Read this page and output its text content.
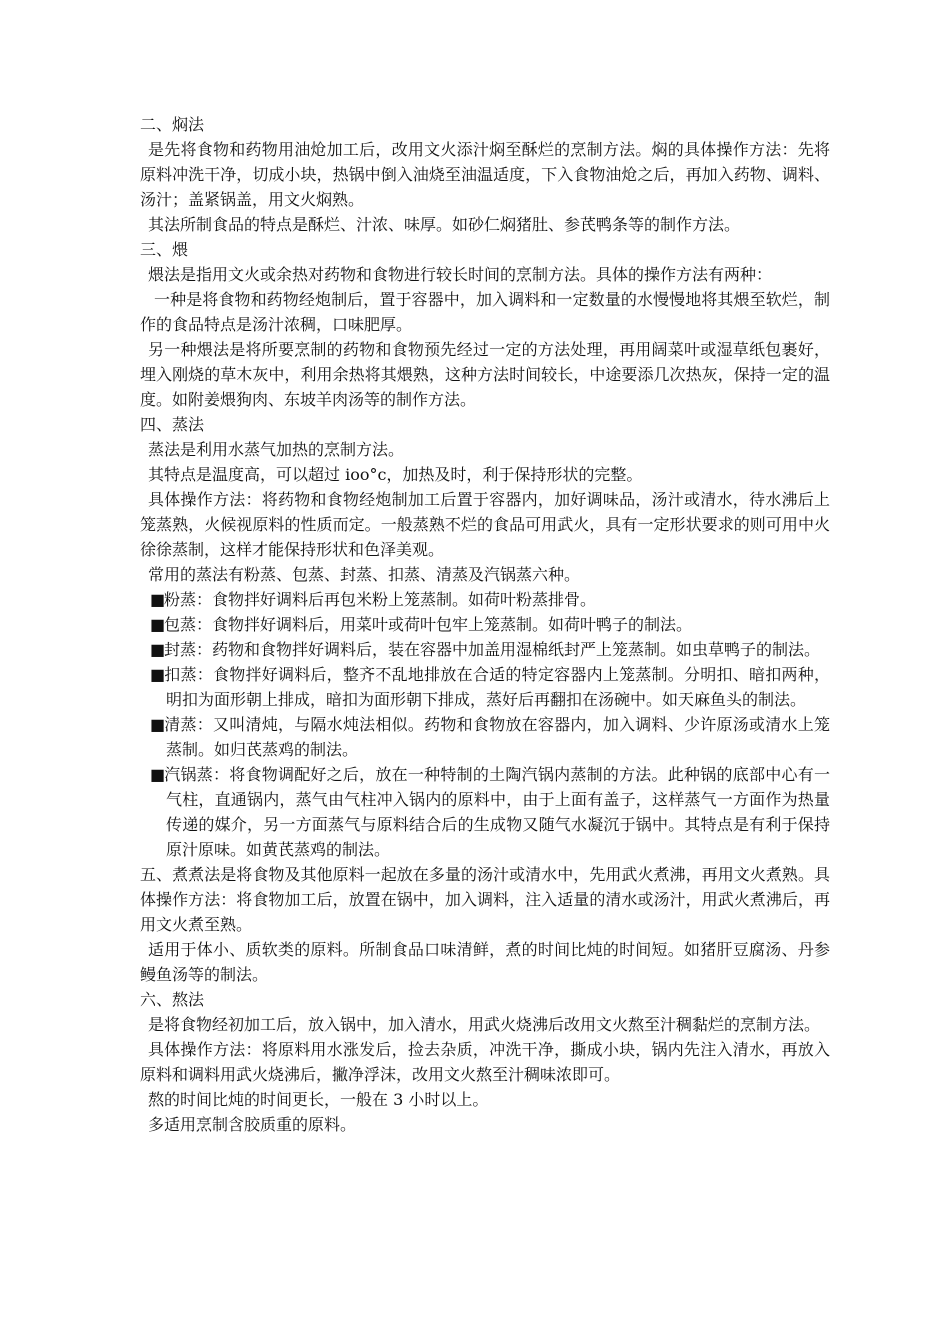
二、焖法

是先将食物和药物用油炝加工后，改用文火添汁焖至酥烂的烹制方法。焖的具体操作方法：先将原料冲洗干净，切成小块，热锅中倒入油烧至油温适度，下入食物油炝之后，再加入药物、调料、汤汁；盖紧锅盖，用文火焖熟。

其法所制食品的特点是酥烂、汁浓、味厚。如砂仁焖猪肚、参芪鸭条等的制作方法。

三、煨

煨法是指用文火或余热对药物和食物进行较长时间的烹制方法。具体的操作方法有两种：

一种是将食物和药物经炮制后，置于容器中，加入调料和一定数量的水慢慢地将其煨至软烂，制作的食品特点是汤汁浓稠，口味肥厚。

另一种煨法是将所要烹制的药物和食物预先经过一定的方法处理，再用阔菜叶或湿草纸包裹好，埋入刚烧的草木灰中，利用余热将其煨熟，这种方法时间较长，中途要添几次热灰，保持一定的温度。如附姜煨狗肉、东坡羊肉汤等的制作方法。

四、蒸法

蒸法是利用水蒸气加热的烹制方法。

其特点是温度高，可以超过 ioo°c，加热及时，利于保持形状的完整。

具体操作方法：将药物和食物经炮制加工后置于容器内，加好调味品，汤汁或清水，待水沸后上笼蒸熟，火候视原料的性质而定。一般蒸熟不烂的食品可用武火，具有一定形状要求的则可用中火徐徐蒸制，这样才能保持形状和色泽美观。

常用的蒸法有粉蒸、包蒸、封蒸、扣蒸、清蒸及汽锅蒸六种。

■粉蒸：食物拌好调料后再包米粉上笼蒸制。如荷叶粉蒸排骨。

■包蒸：食物拌好调料后，用菜叶或荷叶包牢上笼蒸制。如荷叶鸭子的制法。

■封蒸：药物和食物拌好调料后，装在容器中加盖用湿棉纸封严上笼蒸制。如虫草鸭子的制法。

■扣蒸：食物拌好调料后，整齐不乱地排放在合适的特定容器内上笼蒸制。分明扣、暗扣两种，明扣为面形朝上排成，暗扣为面形朝下排成，蒸好后再翻扣在汤碗中。如天麻鱼头的制法。

■清蒸：又叫清炖，与隔水炖法相似。药物和食物放在容器内，加入调料、少许原汤或清水上笼蒸制。如归芪蒸鸡的制法。

■汽锅蒸：将食物调配好之后，放在一种特制的土陶汽锅内蒸制的方法。此种锅的底部中心有一气柱，直通锅内，蒸气由气柱冲入锅内的原料中，由于上面有盖子，这样蒸气一方面作为热量传递的媒介，另一方面蒸气与原料结合后的生成物又随气水凝沉于锅中。其特点是有利于保持原汁原味。如黄芪蒸鸡的制法。

五、煮煮法是将食物及其他原料一起放在多量的汤汁或清水中，先用武火煮沸，再用文火煮熟。具体操作方法：将食物加工后，放置在锅中，加入调料，注入适量的清水或汤汁，用武火煮沸后，再用文火煮至熟。

适用于体小、质软类的原料。所制食品口味清鲜，煮的时间比炖的时间短。如猪肝豆腐汤、丹参鳗鱼汤等的制法。

六、熬法

是将食物经初加工后，放入锅中，加入清水，用武火烧沸后改用文火熬至汁稠黏烂的烹制方法。

具体操作方法：将原料用水涨发后，捡去杂质，冲洗干净，撕成小块，锅内先注入清水，再放入原料和调料用武火烧沸后，撇净浮沫，改用文火熬至汁稠味浓即可。

熬的时间比炖的时间更长，一般在 3 小时以上。

多适用烹制含胶质重的原料。
